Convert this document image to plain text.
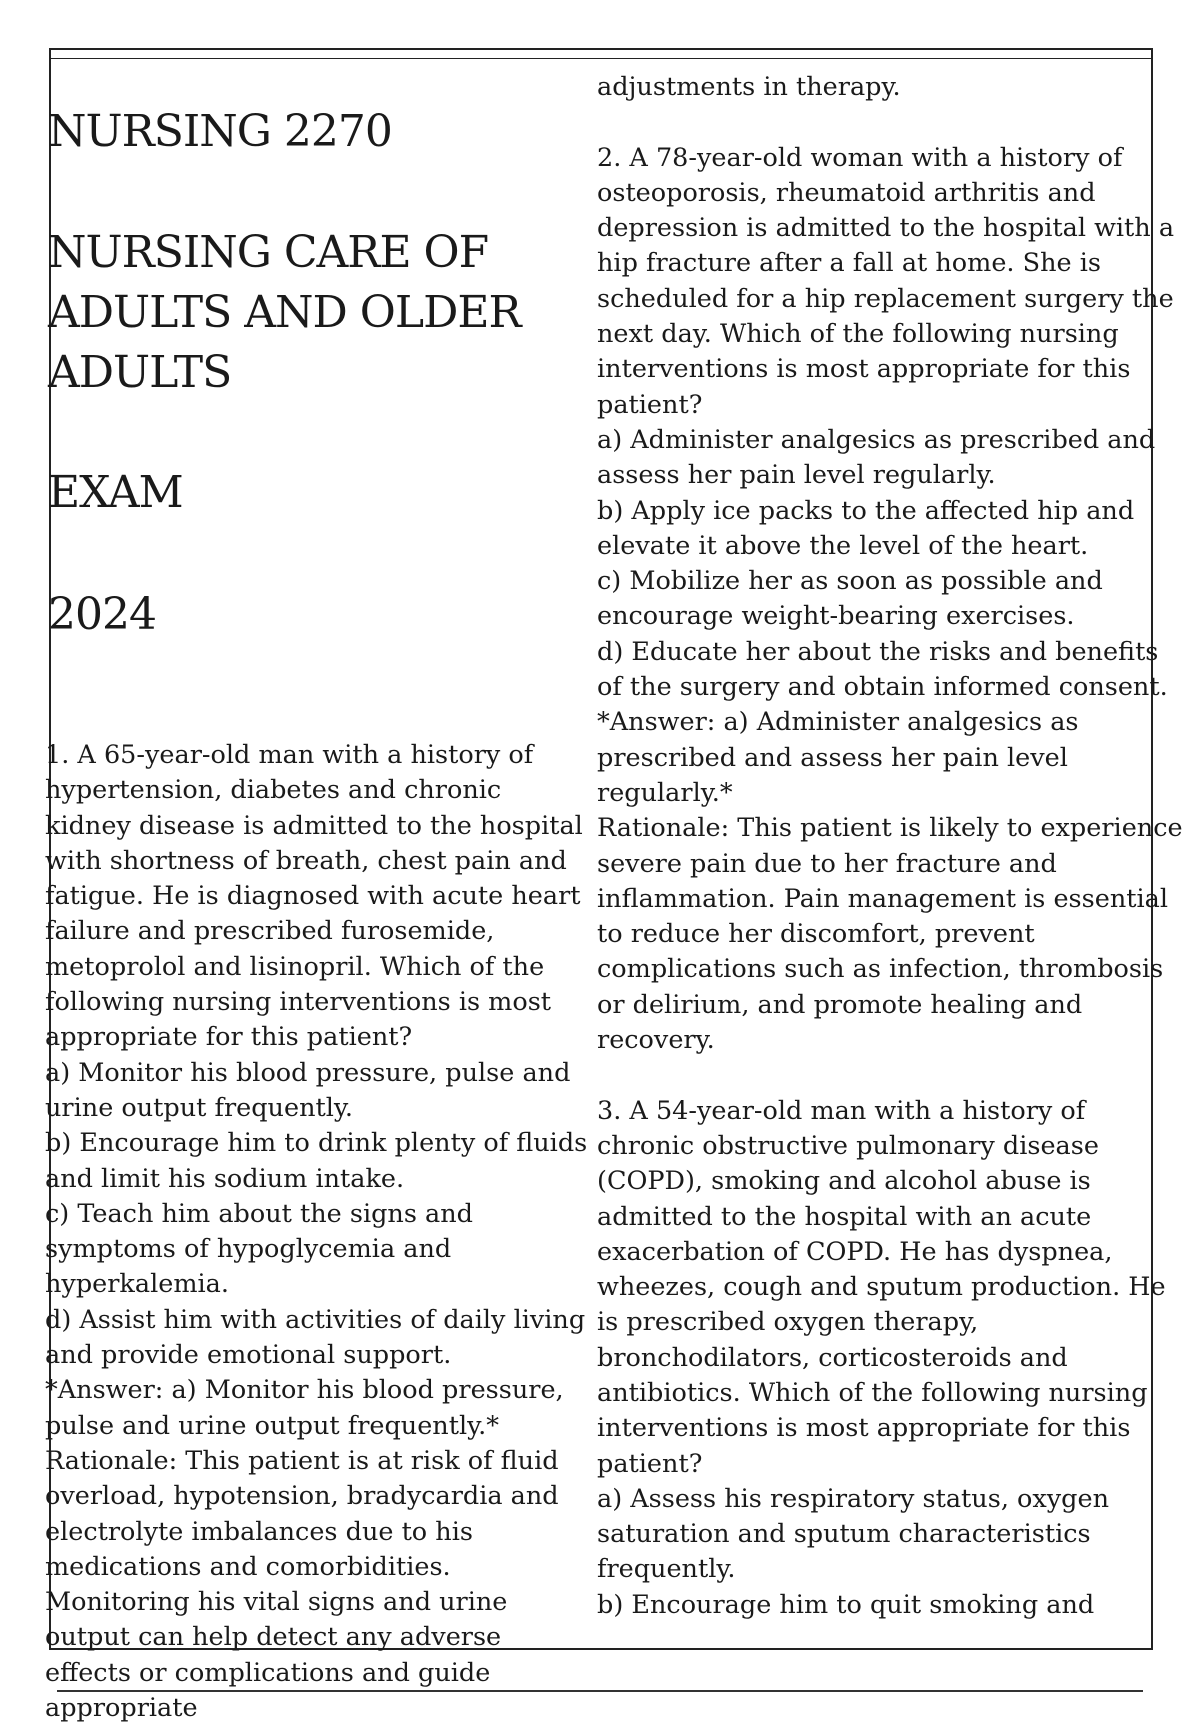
NURSING 2270
NURSING CARE OF
ADULTS AND OLDER
ADULTS
EXAM
2024

1. A 65-year-old man with a history of hypertension, diabetes and chronic kidney disease is admitted to the hospital with shortness of breath, chest pain and fatigue. He is diagnosed with acute heart failure and prescribed furosemide, metoprolol and lisinopril. Which of the following nursing interventions is most appropriate for this patient?

a) Monitor his blood pressure, pulse and urine output frequently.

b) Encourage him to drink plenty of fluids and limit his sodium intake.

c) Teach him about the signs and symptoms of hypoglycemia and hyperkalemia.

d) Assist him with activities of daily living and provide emotional support.

*Answer: a) Monitor his blood pressure, pulse and urine output frequently.*

Rationale: This patient is at risk of fluid overload, hypotension, bradycardia and electrolyte imbalances due to his medications and comorbidities. Monitoring his vital signs and urine output can help detect any adverse effects or complications and guide appropriate

adjustments in therapy.

2. A 78-year-old woman with a history of osteoporosis, rheumatoid arthritis and depression is admitted to the hospital with a hip fracture after a fall at home. She is scheduled for a hip replacement surgery the next day. Which of the following nursing interventions is most appropriate for this patient?

a) Administer analgesics as prescribed and assess her pain level regularly.

b) Apply ice packs to the affected hip and elevate it above the level of the heart.

c) Mobilize her as soon as possible and encourage weight-bearing exercises.

d) Educate her about the risks and benefits of the surgery and obtain informed consent.

*Answer: a) Administer analgesics as prescribed and assess her pain level regularly.*

Rationale: This patient is likely to experience severe pain due to her fracture and inflammation. Pain management is essential to reduce her discomfort, prevent complications such as infection, thrombosis or delirium, and promote healing and recovery.

3. A 54-year-old man with a history of chronic obstructive pulmonary disease (COPD), smoking and alcohol abuse is admitted to the hospital with an acute exacerbation of COPD. He has dyspnea, wheezes, cough and sputum production. He is prescribed oxygen therapy, bronchodilators, corticosteroids and antibiotics. Which of the following nursing interventions is most appropriate for this patient?

a) Assess his respiratory status, oxygen saturation and sputum characteristics frequently.

b) Encourage him to quit smoking and
